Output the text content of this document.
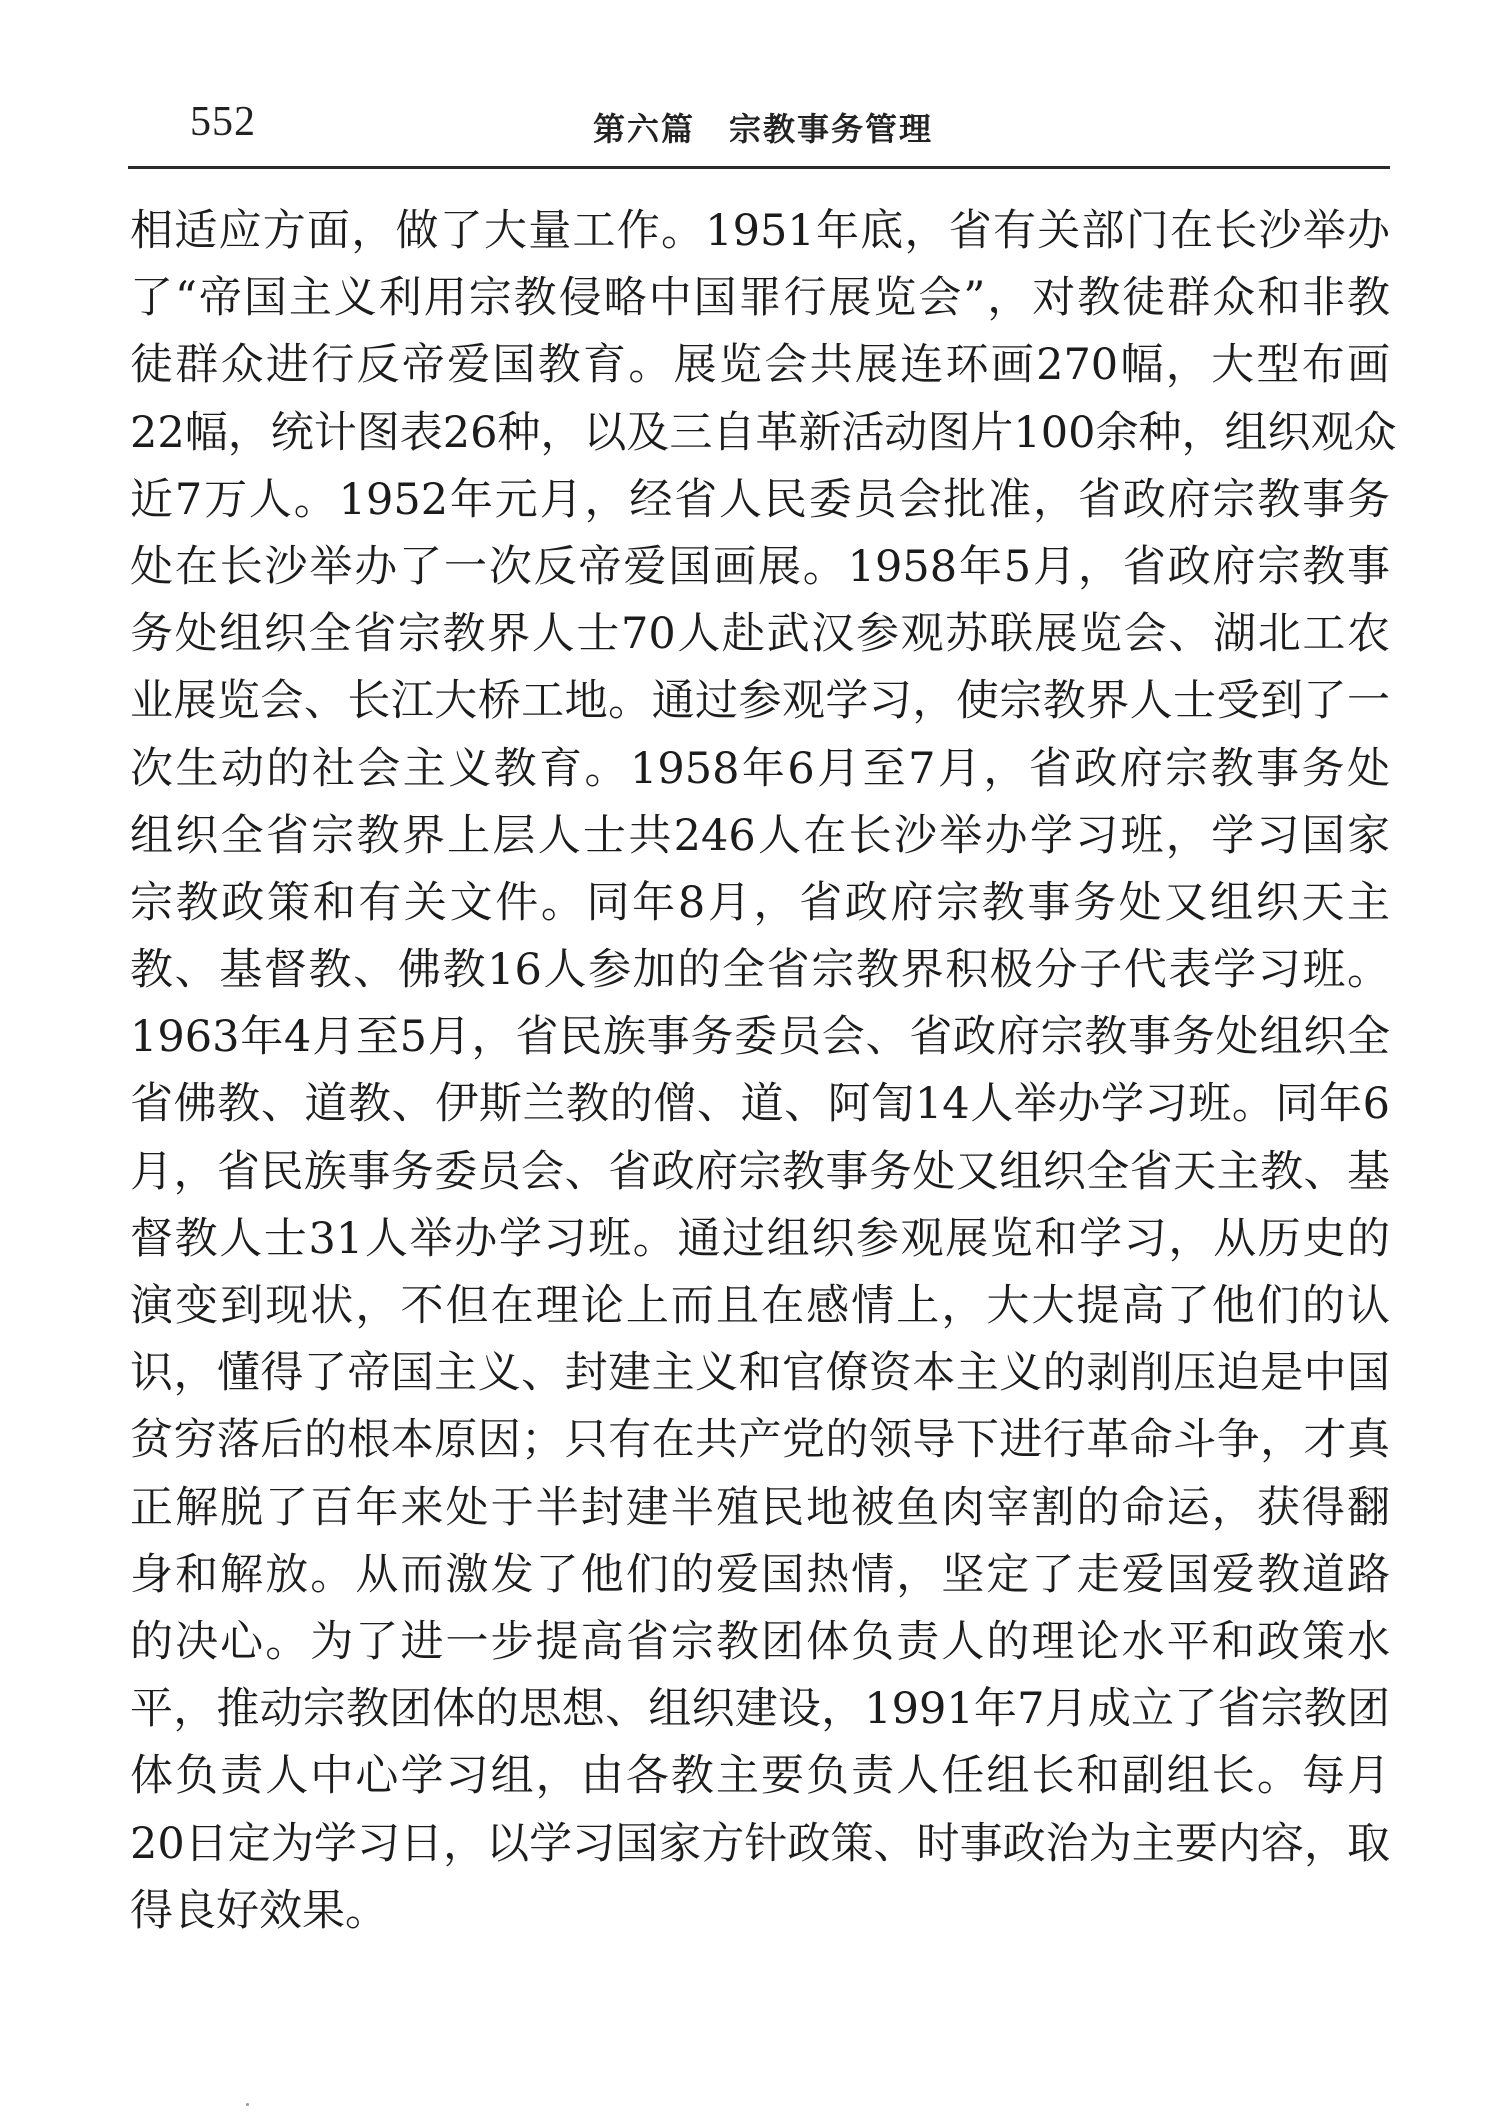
552	第六篇　宗教事务管理
相适应方面，做了大量工作。1951年底，省有关部门在长沙举办
了“帝国主义利用宗教侵略中国罪行展览会”，对教徒群众和非教
徒群众进行反帝爱国教育。展览会共展连环画270幅，大型布画
22幅，统计图表26种，以及三自革新活动图片100余种，组织观众
近7万人。1952年元月，经省人民委员会批准，省政府宗教事务
处在长沙举办了一次反帝爱国画展。1958年5月，省政府宗教事
务处组织全省宗教界人士70人赴武汉参观苏联展览会、湖北工农
业展览会、长江大桥工地。通过参观学习，使宗教界人士受到了一
次生动的社会主义教育。1958年6月至7月，省政府宗教事务处
组织全省宗教界上层人士共246人在长沙举办学习班，学习国家
宗教政策和有关文件。同年8月，省政府宗教事务处又组织天主
教、基督教、佛教16人参加的全省宗教界积极分子代表学习班。
1963年4月至5月，省民族事务委员会、省政府宗教事务处组织全
省佛教、道教、伊斯兰教的僧、道、阿訇14人举办学习班。同年6
月，省民族事务委员会、省政府宗教事务处又组织全省天主教、基
督教人士31人举办学习班。通过组织参观展览和学习，从历史的
演变到现状，不但在理论上而且在感情上，大大提高了他们的认
识，懂得了帝国主义、封建主义和官僚资本主义的剥削压迫是中国
贫穷落后的根本原因；只有在共产党的领导下进行革命斗争，才真
正解脱了百年来处于半封建半殖民地被鱼肉宰割的命运，获得翻
身和解放。从而激发了他们的爱国热情，坚定了走爱国爱教道路
的决心。为了进一步提高省宗教团体负责人的理论水平和政策水
平，推动宗教团体的思想、组织建设，1991年7月成立了省宗教团
体负责人中心学习组，由各教主要负责人任组长和副组长。每月
20日定为学习日，以学习国家方针政策、时事政治为主要内容，取
得良好效果。
